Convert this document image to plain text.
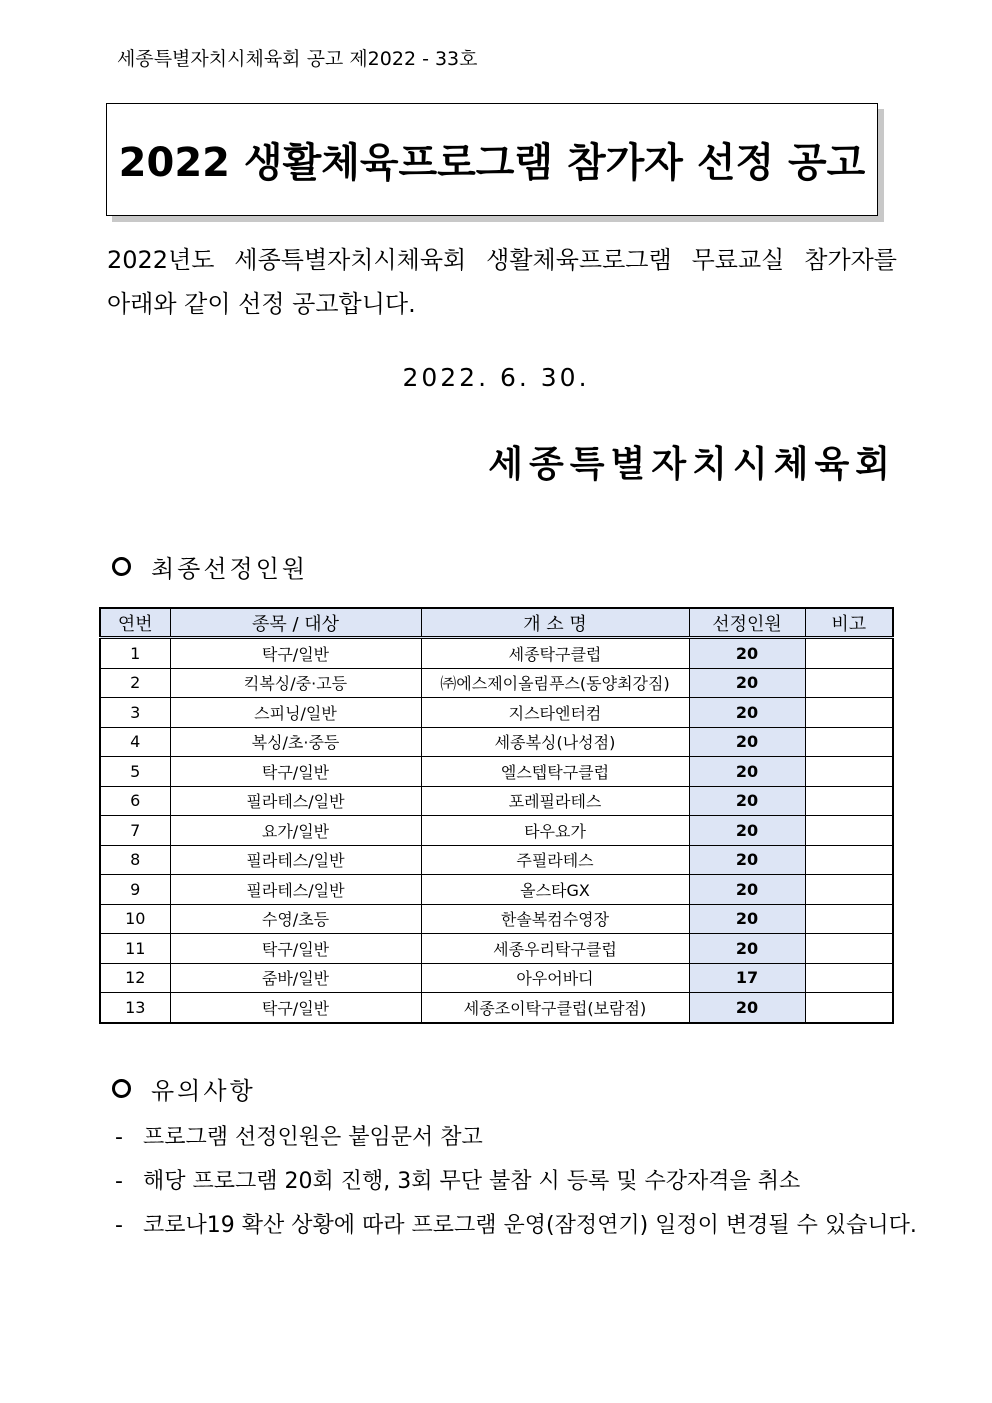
세종특별자치시체육회 공고 제2022 - 33호
2022 생활체육프로그램 참가자 선정 공고
2022년도 세종특별자치시체육회 생활체육프로그램 무료교실 참가자를
아래와 같이 선정 공고합니다.
2022. 6. 30.
세종특별자치시체육회
최종선정인원
연번	종목 / 대상	개 소 명	선정인원	비고
1	탁구/일반	세종탁구클럽	20	
2	킥복싱/중·고등	㈜에스제이올림푸스(동양최강짐)	20	
3	스피닝/일반	지스타엔터컴	20	
4	복싱/초·중등	세종복싱(나성점)	20	
5	탁구/일반	엘스텝탁구클럽	20	
6	필라테스/일반	포레필라테스	20	
7	요가/일반	타우요가	20	
8	필라테스/일반	주필라테스	20	
9	필라테스/일반	올스타GX	20	
10	수영/초등	한솔복컴수영장	20	
11	탁구/일반	세종우리탁구클럽	20	
12	줌바/일반	아우어바디	17	
13	탁구/일반	세종조이탁구클럽(보람점)	20	
유의사항
- 프로그램 선정인원은 붙임문서 참고
- 해당 프로그램 20회 진행, 3회 무단 불참 시 등록 및 수강자격을 취소
- 코로나19 확산 상황에 따라 프로그램 운영(잠정연기) 일정이 변경될 수 있습니다.
